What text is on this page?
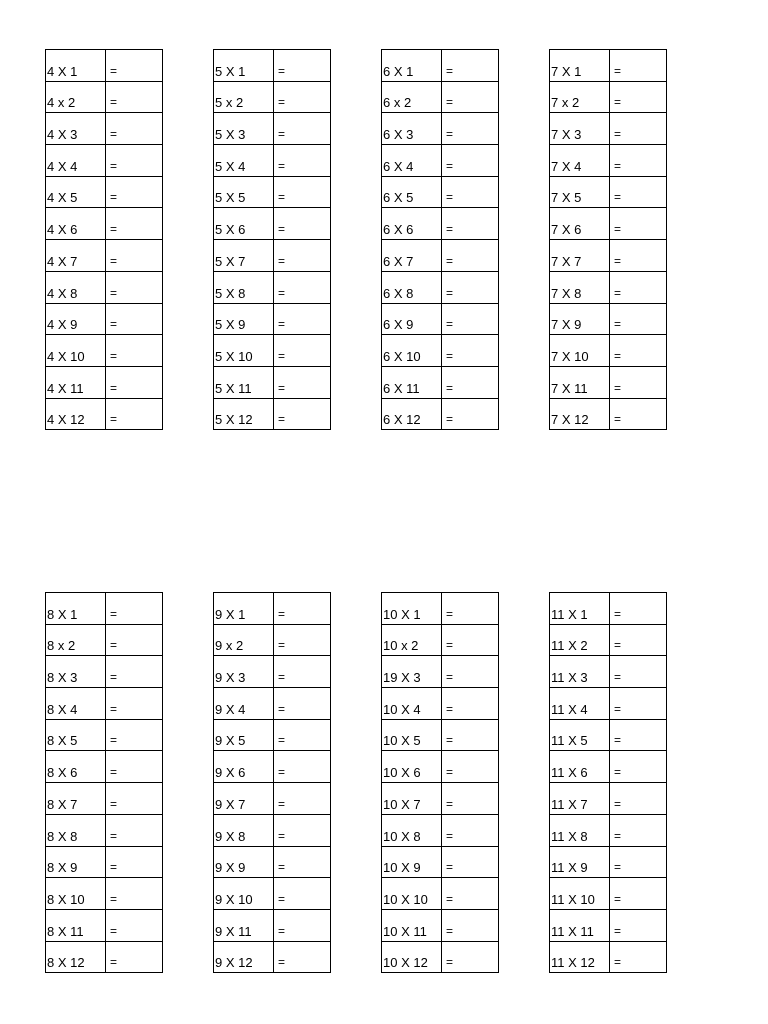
4 X 1	=
4 x 2	=
4 X 3	=
4 X 4	=
4 X 5	=
4 X 6	=
4 X 7	=
4 X 8	=
4 X 9	=
4 X 10	=
4 X 11	=
4 X 12	=
5 X 1	=
5 x 2	=
5 X 3	=
5 X 4	=
5 X 5	=
5 X 6	=
5 X 7	=
5 X 8	=
5 X 9	=
5 X 10	=
5 X 11	=
5 X 12	=
6 X 1	=
6 x 2	=
6 X 3	=
6 X 4	=
6 X 5	=
6 X 6	=
6 X 7	=
6 X 8	=
6 X 9	=
6 X 10	=
6 X 11	=
6 X 12	=
7 X 1	=
7 x 2	=
7 X 3	=
7 X 4	=
7 X 5	=
7 X 6	=
7 X 7	=
7 X 8	=
7 X 9	=
7 X 10	=
7 X 11	=
7 X 12	=
8 X 1	=
8 x 2	=
8 X 3	=
8 X 4	=
8 X 5	=
8 X 6	=
8 X 7	=
8 X 8	=
8 X 9	=
8 X 10	=
8 X 11	=
8 X 12	=
9 X 1	=
9 x 2	=
9 X 3	=
9 X 4	=
9 X 5	=
9 X 6	=
9 X 7	=
9 X 8	=
9 X 9	=
9 X 10	=
9 X 11	=
9 X 12	=
10 X 1	=
10 x 2	=
19 X 3	=
10 X 4	=
10 X 5	=
10 X 6	=
10 X 7	=
10 X 8	=
10 X 9	=
10 X 10	=
10 X 11	=
10 X 12	=
11 X 1	=
11 X 2	=
11 X 3	=
11 X 4	=
11 X 5	=
11 X 6	=
11 X 7	=
11 X 8	=
11 X 9	=
11 X 10	=
11 X 11	=
11 X 12	=
